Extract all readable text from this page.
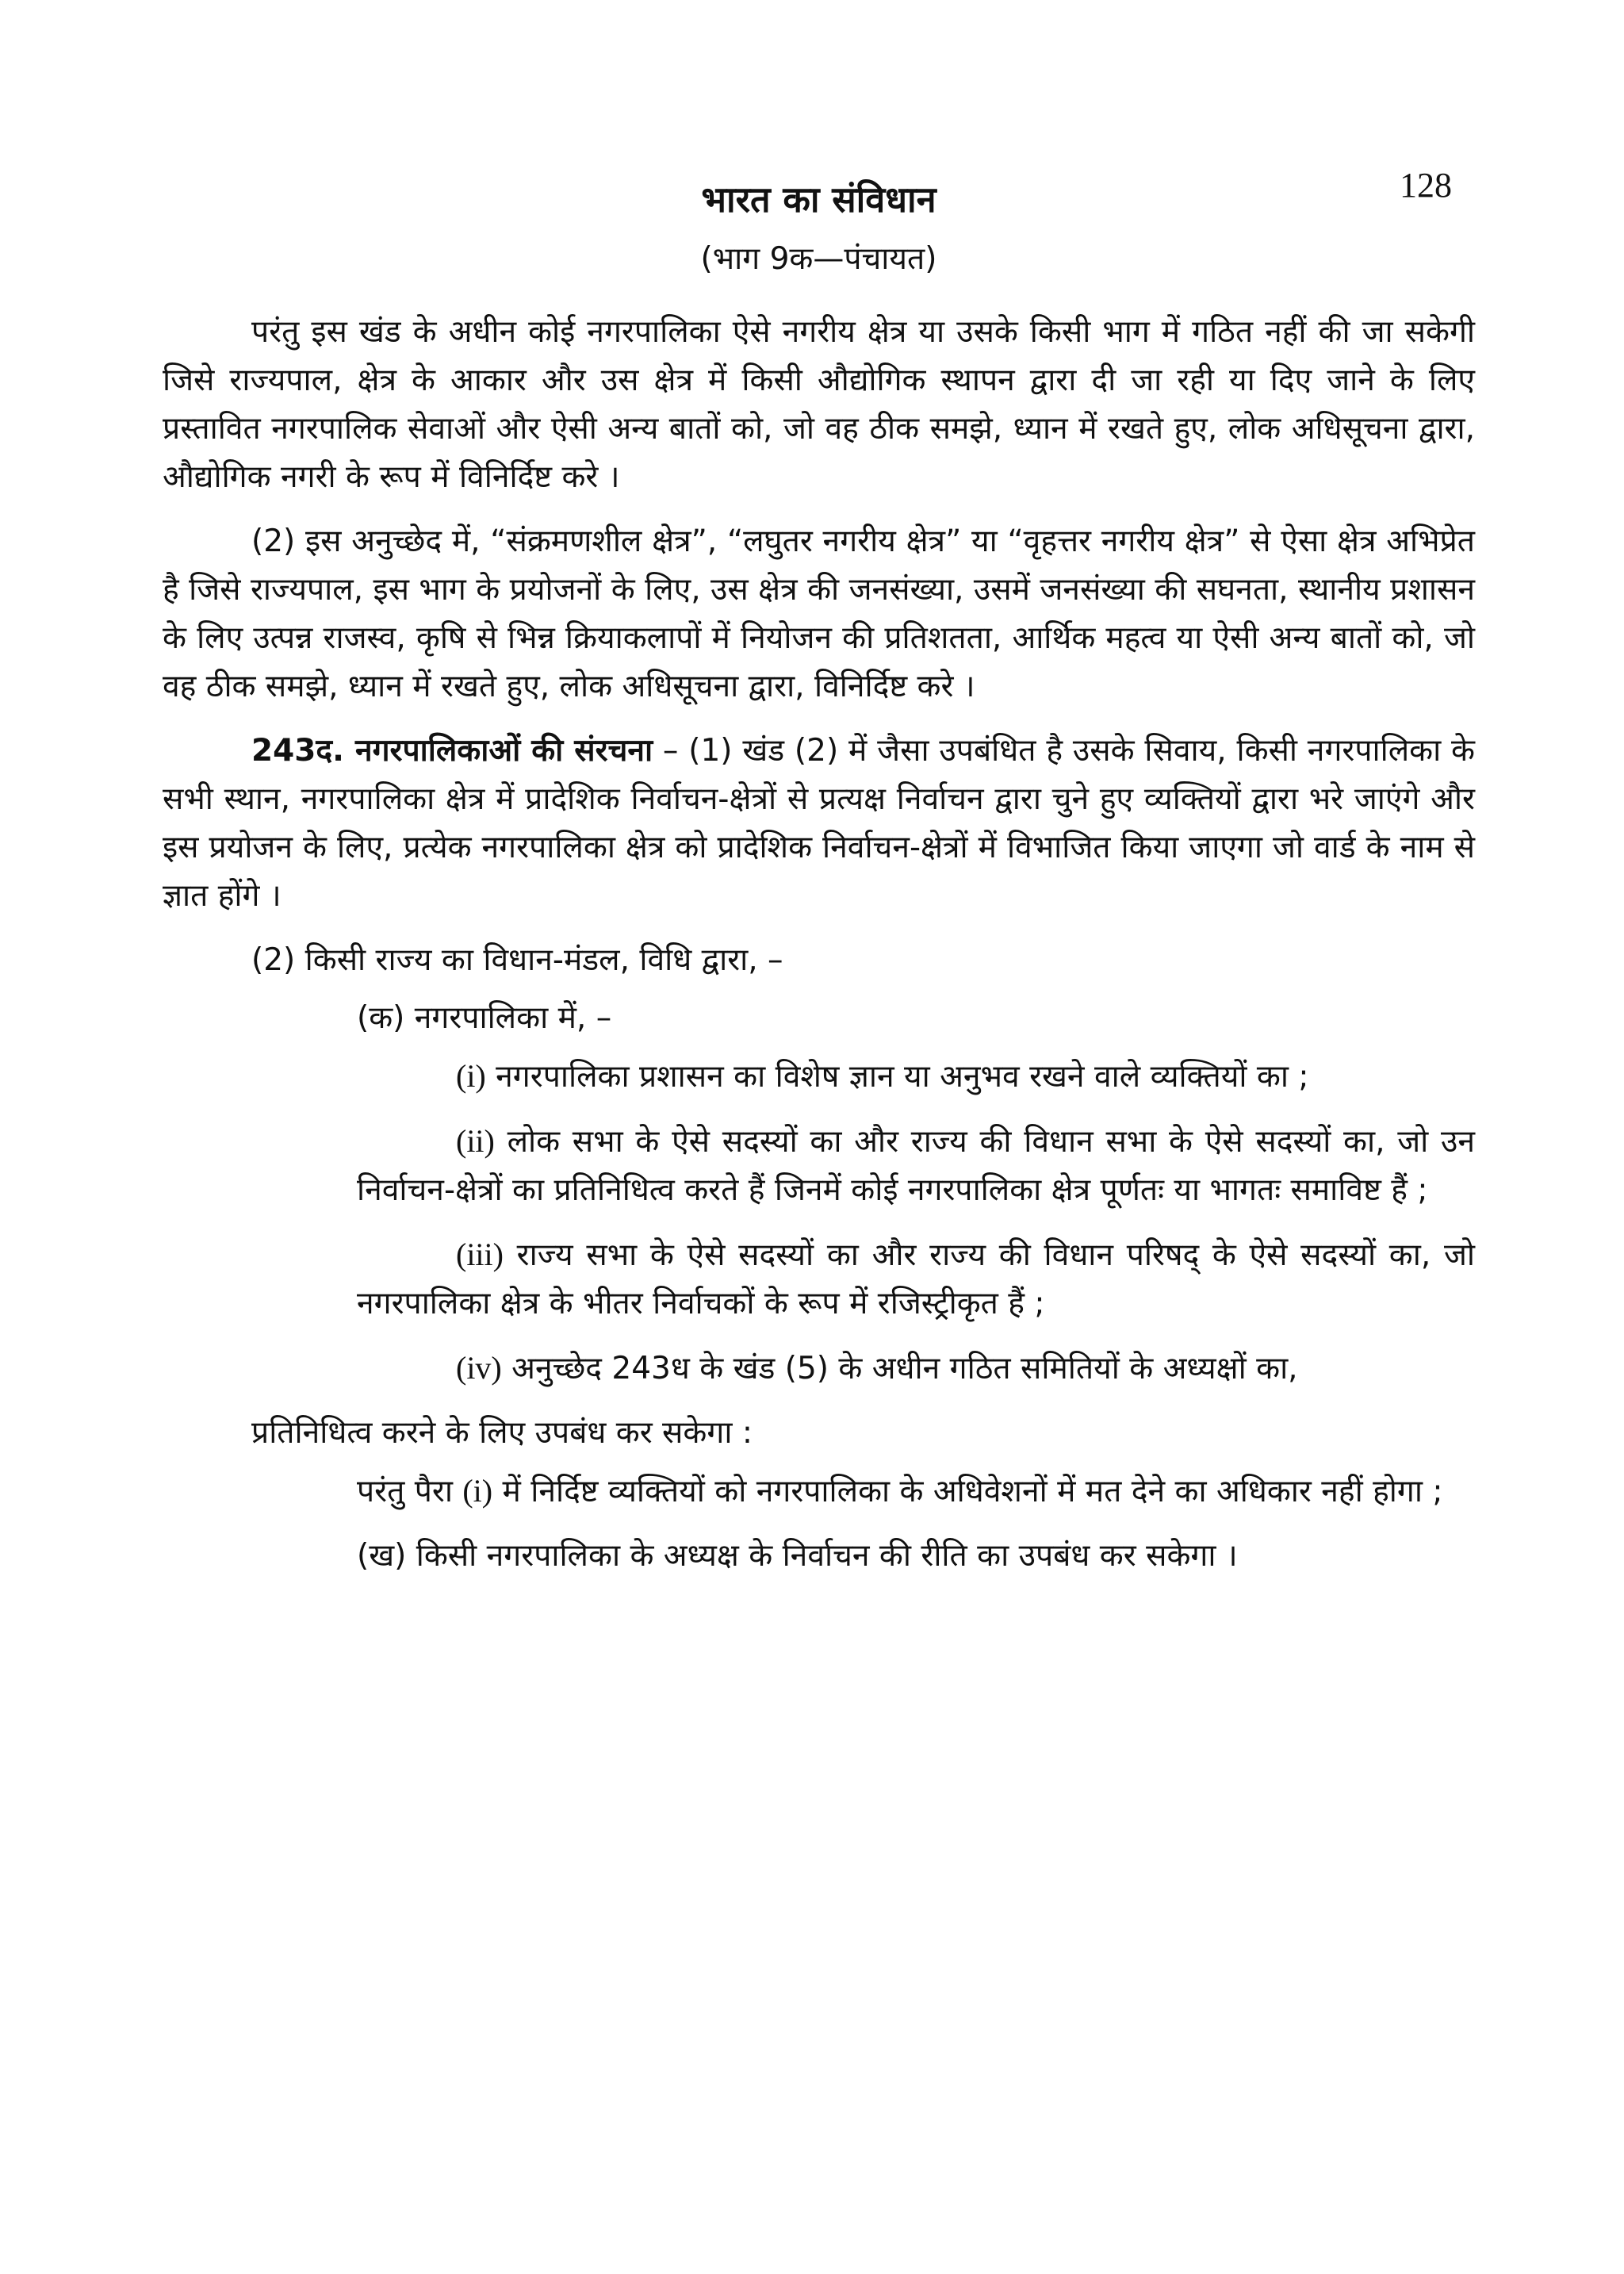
128
भारत का संविधान

(भाग 9क—पंचायत)

परंतु इस खंड के अधीन कोई नगरपालिका ऐसे नगरीय क्षेत्र या उसके किसी भाग में गठित नहीं की जा सकेगी जिसे राज्यपाल, क्षेत्र के आकार और उस क्षेत्र में किसी औद्योगिक स्थापन द्वारा दी जा रही या दिए जाने के लिए प्रस्तावित नगरपालिक सेवाओं और ऐसी अन्य बातों को, जो वह ठीक समझे, ध्यान में रखते हुए, लोक अधिसूचना द्वारा, औद्योगिक नगरी के रूप में विनिर्दिष्ट करे ।

(2) इस अनुच्छेद में, “संक्रमणशील क्षेत्र”, “लघुतर नगरीय क्षेत्र” या “वृहत्तर नगरीय क्षेत्र” से ऐसा क्षेत्र अभिप्रेत है जिसे राज्यपाल, इस भाग के प्रयोजनों के लिए, उस क्षेत्र की जनसंख्या, उसमें जनसंख्या की सघनता, स्थानीय प्रशासन के लिए उत्पन्न राजस्व, कृषि से भिन्न क्रियाकलापों में नियोजन की प्रतिशतता, आर्थिक महत्व या ऐसी अन्य बातों को, जो वह ठीक समझे, ध्यान में रखते हुए, लोक अधिसूचना द्वारा, विनिर्दिष्ट करे ।

243द. नगरपालिकाओं की संरचना – (1) खंड (2) में जैसा उपबंधित है उसके सिवाय, किसी नगरपालिका के सभी स्थान, नगरपालिका क्षेत्र में प्रादेशिक निर्वाचन-क्षेत्रों से प्रत्यक्ष निर्वाचन द्वारा चुने हुए व्यक्तियों द्वारा भरे जाएंगे और इस प्रयोजन के लिए, प्रत्येक नगरपालिका क्षेत्र को प्रादेशिक निर्वाचन-क्षेत्रों में विभाजित किया जाएगा जो वार्ड के नाम से ज्ञात होंगे ।

(2) किसी राज्य का विधान-मंडल, विधि द्वारा, –

(क) नगरपालिका में, –

(i) नगरपालिका प्रशासन का विशेष ज्ञान या अनुभव रखने वाले व्यक्तियों का ;

(ii) लोक सभा के ऐसे सदस्यों का और राज्य की विधान सभा के ऐसे सदस्यों का, जो उन निर्वाचन-क्षेत्रों का प्रतिनिधित्व करते हैं जिनमें कोई नगरपालिका क्षेत्र पूर्णतः या भागतः समाविष्ट हैं ;

(iii) राज्य सभा के ऐसे सदस्यों का और राज्य की विधान परिषद् के ऐसे सदस्यों का, जो नगरपालिका क्षेत्र के भीतर निर्वाचकों के रूप में रजिस्ट्रीकृत हैं ;

(iv) अनुच्छेद 243ध के खंड (5) के अधीन गठित समितियों के अध्यक्षों का,

प्रतिनिधित्व करने के लिए उपबंध कर सकेगा :

परंतु पैरा (i) में निर्दिष्ट व्यक्तियों को नगरपालिका के अधिवेशनों में मत देने का अधिकार नहीं होगा ;

(ख) किसी नगरपालिका के अध्यक्ष के निर्वाचन की रीति का उपबंध कर सकेगा ।
